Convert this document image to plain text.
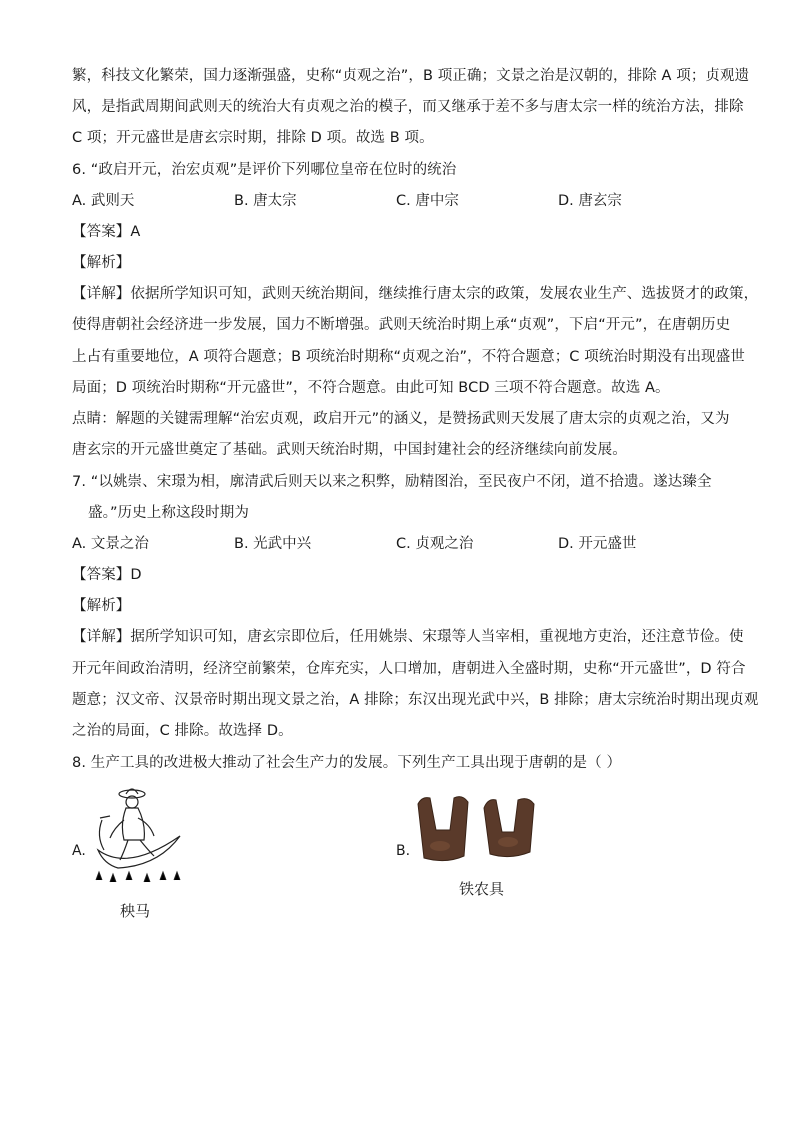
繁，科技文化繁荣，国力逐渐强盛，史称“贞观之治”，B 项正确；文景之治是汉朝的，排除 A 项；贞观遗
风，是指武周期间武则天的统治大有贞观之治的模子，而又继承于差不多与唐太宗一样的统治方法，排除
C 项；开元盛世是唐玄宗时期，排除 D 项。故选 B 项。
6. “政启开元，治宏贞观”是评价下列哪位皇帝在位时的统治
A. 武则天	B. 唐太宗	C. 唐中宗	D. 唐玄宗
【答案】A
【解析】
【详解】依据所学知识可知，武则天统治期间，继续推行唐太宗的政策，发展农业生产、选拔贤才的政策，
使得唐朝社会经济进一步发展，国力不断增强。武则天统治时期上承“贞观”，下启“开元”，在唐朝历史
上占有重要地位，A 项符合题意；B 项统治时期称“贞观之治”，不符合题意；C 项统治时期没有出现盛世
局面；D 项统治时期称“开元盛世”，不符合题意。由此可知 BCD 三项不符合题意。故选 A。
点睛：解题的关键需理解“治宏贞观，政启开元”的涵义，是赞扬武则天发展了唐太宗的贞观之治，又为
唐玄宗的开元盛世奠定了基础。武则天统治时期，中国封建社会的经济继续向前发展。
7. “以姚崇、宋璟为相，廓清武后则天以来之积弊，励精图治，至民夜户不闭，道不拾遗。遂达臻全
盛。”历史上称这段时期为
A. 文景之治	B. 光武中兴	C. 贞观之治	D. 开元盛世
【答案】D
【解析】
【详解】据所学知识可知，唐玄宗即位后，任用姚崇、宋璟等人当宰相，重视地方吏治，还注意节俭。使
开元年间政治清明，经济空前繁荣，仓库充实，人口增加，唐朝进入全盛时期，史称“开元盛世”，D 符合
题意；汉文帝、汉景帝时期出现文景之治，A 排除；东汉出现光武中兴，B 排除；唐太宗统治时期出现贞观
之治的局面，C 排除。故选择 D。
8. 生产工具的改进极大推动了社会生产力的发展。下列生产工具出现于唐朝的是（ ）
A.
秧马
B.
铁农具
